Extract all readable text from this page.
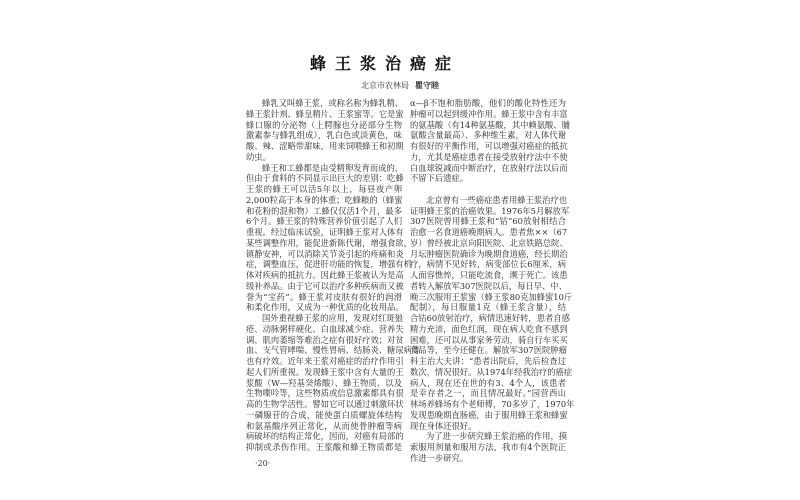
蜂王浆治癌症
北京市农林局 瞿守睦
蜂乳又叫蜂王浆，或称名称为蜂乳精、
蜂王浆针剂、蜂皇精片、王浆蜜等。它是蜜
蜂口腺的分泌物（上腭腺也分泌部分生物
激素参与蜂乳组成），乳白色或淡黄色，味
酸、辣、涩略带甜味，用来饲喂蜂王和初期
幼虫。
蜂王和工蜂都是由受精卵发育而成的，
但由于食料的不同显示出巨大的差别：吃蜂
王浆的蜂王可以活5年以上，每昼夜产卵
2,000粒高于本身的体重；吃蜂粮的（蜂蜜
和花粉的混和物）工蜂仅仅活1个月，最多
6个月。蜂王浆的特殊营养价值引起了人们
重视。经过临床试验，证明蜂王浆对人体有
某些调整作用，能促进新陈代谢，增强食欲，
镇静安神，可以消除关节炎引起的疼痛和炎
症，调整血压，促进肝功能的恢复，增强有机
体对疾病的抵抗力。因此蜂王浆被认为是高
级补养品。由于它可以治疗多种疾病而又被
誉为“宝药”。蜂王浆对皮肤有很好的润滑
和柔化作用，又成为一种优质的化妆用品。
国外重视蜂王浆的应用，发现对红斑狼
疮、动脉粥样硬化、白血球减少症、营养失
调、肌肉萎缩等难治之症有很好疗效；对贫
血、支气管哮喘、慢性胃病、结肠炎、糖尿病等
也有疗效。近年来王浆对癌症的治疗作用引
起人们所重视。发现蜂王浆中含有大量的王
浆酸（W—羟基癸烯酸）、蜂王物质、以及
生物喋呤等，这些物质或信息激素都具有很
高的生物学活性。譬如它可以通过刺激环状
一磷腺苷的合成，能使蛋白质螺旋体结构
和氨基酸序列正常化，从而使骨肿瘤等病
病破坏的结构正常化，因而，对癌有局部的
抑制或杀伤作用。王浆酸和蜂王物质都是
α—β不饱和脂肪酸，他们的酸化特性还为
肿瘤可以起到缓冲作用。蜂王浆中含有丰富
的氨基酸（有14种氨基酸，其中赖氨酸、脯
氨酸含量最高）、多种维生素，对人体代谢
有很好的平衡作用，可以增强对癌症的抵抗
力，尤其是癌症患者在接受放射疗法中不使
白血球锐减而中断治疗，在放射疗法以后而
不留下后遗症。
北京曾有一些癌症患者用蜂王浆治疗也
证明蜂王浆的治癌效果。1976年5月解放军
307医院曾用蜂王浆和“钴”60放射相结合
治愈一名食道癌晚期病人。患者焦××（67
岁）曾经被北京向阳医院、北京铁路总院、
月坛肿瘤医院确诊为晚期食道癌，经长期治
疗，病情不见好转，病变部位长6厘米，病
人面容憔悴，只能吃流食，濒于死亡。该患
者转入解放军307医院以后，每日早、中、
晚三次服用王浆蜜（蜂王浆80克加蜂蜜10斤
配制），每日服量1克（蜂王浆含量），结
合钴60放射治疗，病情迅速好转，患者自感
精力充沛，面色红润，现在病人吃食不感到
困难，还可以从事家务劳动，骑自行车买买
食品等，至今还健在。解放军307医院肿瘤
科主治大夫讲：“患者出院后，先后检查过
数次，情况很好。从1974年经我治疗的癌症
病人，现在还在世的有3、4个人，该患者
是幸存者之一，而且情况最好。”园营西山
林场养蜂场有个老师傅，70多岁了，1970年
发现患晚期直肠癌，由于服用蜂王浆和蜂蜜
现在身体还很好。
为了进一步研究蜂王浆治癌的作用，摸
索服用剂量和服用方法，我市有4个医院正
作进一步研究。
·20·
